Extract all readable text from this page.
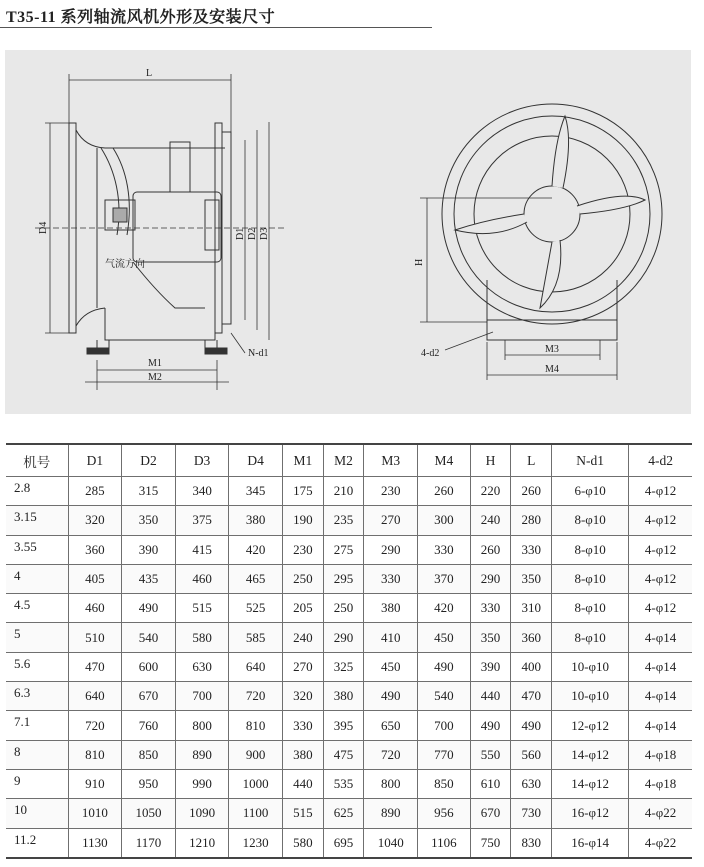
T35-11 系列轴流风机外形及安装尺寸
L
D4	D1 D2 D3
气流方向
M1
M2
N-d1
H
4-d2	M3
M4
机号	D1	D2	D3	D4	M1	M2	M3	M4	H	L	N-d1	4-d2
2.8	285	315	340	345	175	210	230	260	220	260	6-φ10	4-φ12
3.15	320	350	375	380	190	235	270	300	240	280	8-φ10	4-φ12
3.55	360	390	415	420	230	275	290	330	260	330	8-φ10	4-φ12
4	405	435	460	465	250	295	330	370	290	350	8-φ10	4-φ12
4.5	460	490	515	525	205	250	380	420	330	310	8-φ10	4-φ12
5	510	540	580	585	240	290	410	450	350	360	8-φ10	4-φ14
5.6	470	600	630	640	270	325	450	490	390	400	10-φ10	4-φ14
6.3	640	670	700	720	320	380	490	540	440	470	10-φ10	4-φ14
7.1	720	760	800	810	330	395	650	700	490	490	12-φ12	4-φ14
8	810	850	890	900	380	475	720	770	550	560	14-φ12	4-φ18
9	910	950	990	1000	440	535	800	850	610	630	14-φ12	4-φ18
10	1010	1050	1090	1100	515	625	890	956	670	730	16-φ12	4-φ22
11.2	1130	1170	1210	1230	580	695	1040	1106	750	830	16-φ14	4-φ22
